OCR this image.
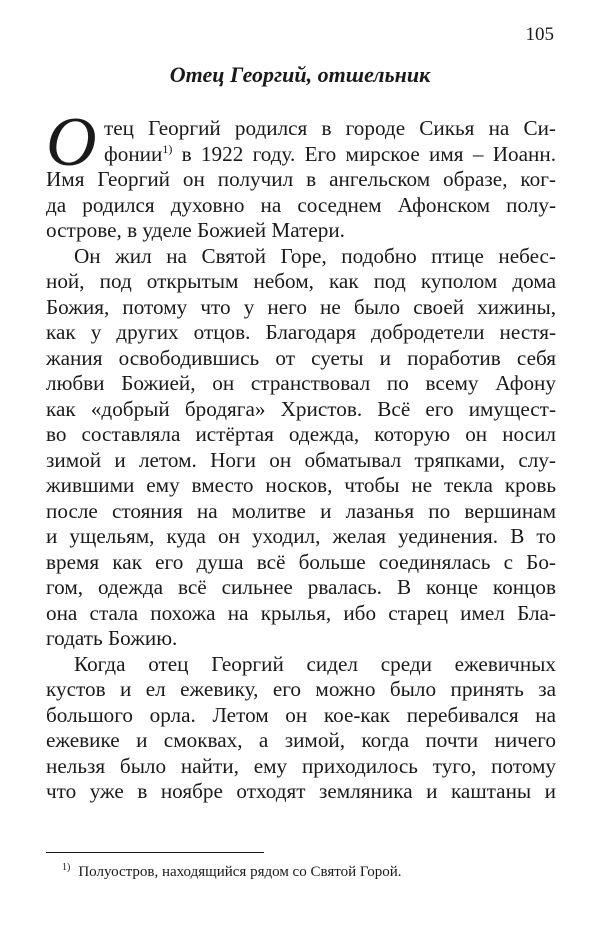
105
Отец Георгий, отшельник
О тец Георгий родился в городе Сикья на Си-
фонии$^{1)}$ в 1922 году. Его мирское имя – Иоанн.
Имя Георгий он получил в ангельском образе, ког-
да родился духовно на соседнем Афонском полу-
острове, в уделе Божией Матери.
Он жил на Святой Горе, подобно птице небес-
ной, под открытым небом, как под куполом дома
Божия, потому что у него не было своей хижины,
как у других отцов. Благодаря добродетели нестя-
жания освободившись от суеты и поработив себя
любви Божией, он странствовал по всему Афону
как «добрый бродяга» Христов. Всё его имущест-
во составляла истёртая одежда, которую он носил
зимой и летом. Ноги он обматывал тряпками, слу-
жившими ему вместо носков, чтобы не текла кровь
после стояния на молитве и лазанья по вершинам
и ущельям, куда он уходил, желая уединения. В то
время как его душа всё больше соединялась с Бо-
гом, одежда всё сильнее рвалась. В конце концов
она стала похожа на крылья, ибо старец имел Бла-
годать Божию.
Когда отец Георгий сидел среди ежевичных
кустов и ел ежевику, его можно было принять за
большого орла. Летом он кое-как перебивался на
ежевике и смоквах, а зимой, когда почти ничего
нельзя было найти, ему приходилось туго, потому
что уже в ноябре отходят земляника и каштаны и
$^{1)}$ Полуостров, находящийся рядом со Святой Горой.
